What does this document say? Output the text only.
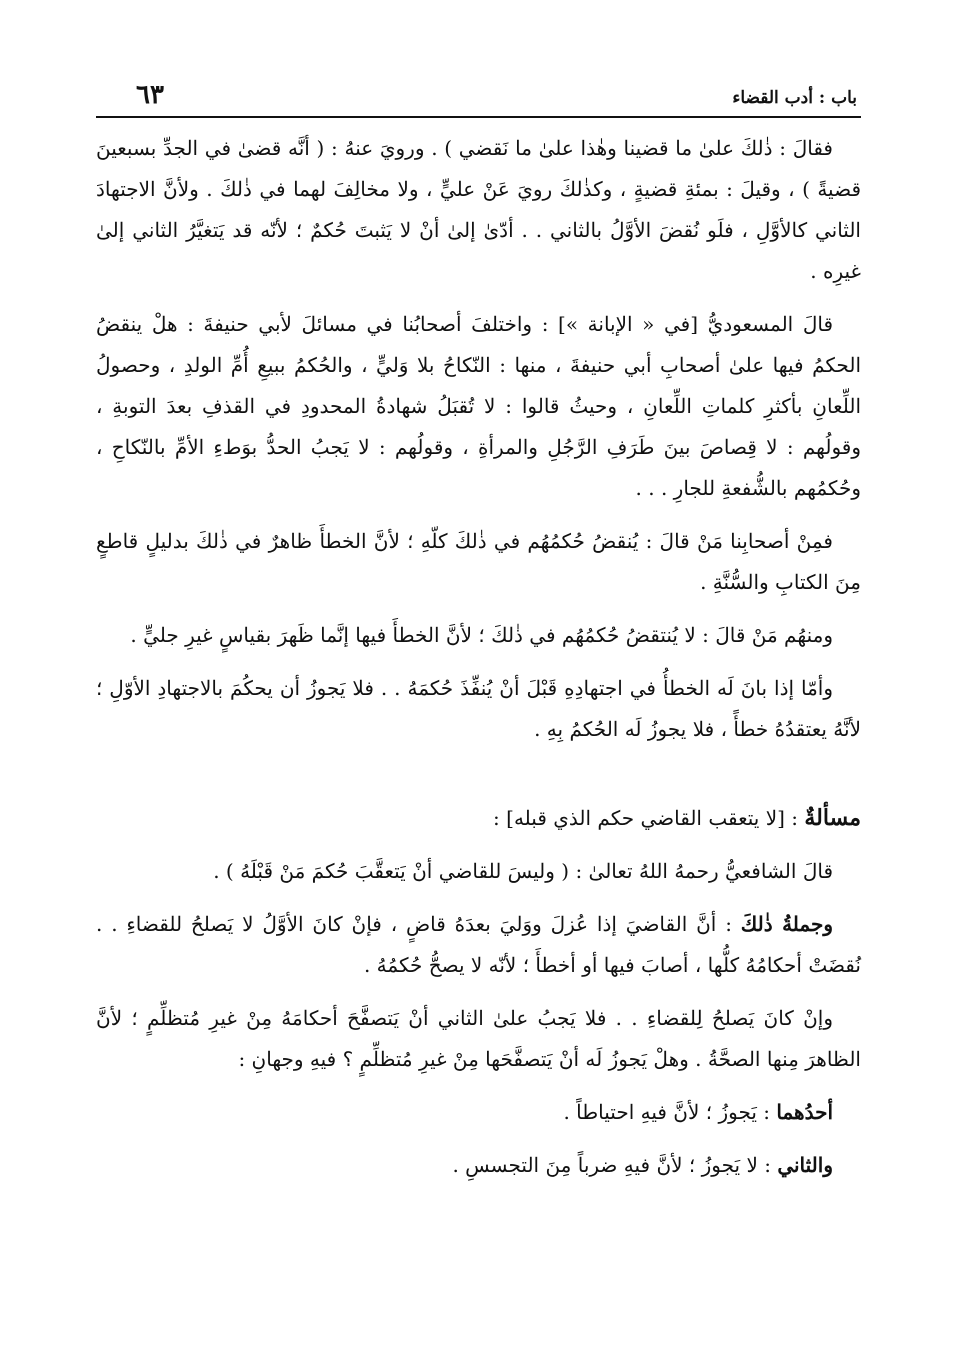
باب : أدب القضاء
٦٣

فقالَ : ذٰلكَ علىٰ ما قضينا وهٰذا علىٰ ما نَقضي ) . ورويَ عنهُ : ( أنَّه قضىٰ في الجدِّ بسبعينَ قضيةً ) ، وقيلَ : بمئةِ قضيةٍ ، وكذٰلكَ رويَ عَنْ عليٍّ ، ولا مخالِفَ لهما في ذٰلكَ . ولأنَّ الاجتهادَ الثاني كالأوَّلِ ، فلَو نُقضَ الأوَّلُ بالثاني . . أدّىٰ إلىٰ أنْ لا يَثبتَ حُكمٌ ؛ لأنّه قد يَتغيَّرُ الثاني إلىٰ غيرِه .

قالَ المسعوديُّ [في « الإبانة »] : واختلفَ أصحابُنا في مسائلَ لأبي حنيفةَ : هلْ ينقضُ الحكمُ فيها علىٰ أصحابِ أبي حنيفةَ ، منها : النّكاحُ بلا وَليٍّ ، والحُكمُ ببيعِ أُمِّ الولدِ ، وحصولُ اللِّعانِ بأكثرِ كلماتِ اللِّعانِ ، وحيثُ قالوا : لا تُقبَلُ شهادةُ المحدودِ في القذفِ بعدَ التوبةِ ، وقولُهم : لا قِصاصَ بينَ طَرَفِ الرَّجُلِ والمرأةِ ، وقولُهم : لا يَجبُ الحدُّ بوَطءِ الأمِّ بالنّكاحِ ، وحُكمُهم بالشُّفعةِ للجارِ . . .

فمِنْ أصحابِنا مَنْ قالَ : يُنقضُ حُكمُهُم في ذٰلكَ كلّهِ ؛ لأنَّ الخطأَ ظاهرٌ في ذٰلكَ بدليلٍ قاطعٍ مِنَ الكتابِ والسُّنَّةِ .

ومنهُم مَنْ قالَ : لا يُنتقضُ حُكمُهُم في ذٰلكَ ؛ لأنَّ الخطأَ فيها إنَّما ظَهرَ بقياسٍ غيرِ جليٍّ .

وأمّا إذا بانَ لَه الخطأُ في اجتهادِهِ قَبْلَ أنْ يُنفِّذَ حُكمَهُ . . فلا يَجوزُ أن يحكُمَ بالاجتهادِ الأوّلِ ؛ لأنَّهُ يعتقدُهُ خطأً ، فلا يجوزُ لَه الحُكمُ بِهِ .

مسألةٌ : [لا يتعقب القاضي حكم الذي قبله] :

قالَ الشافعيُّ رحمهُ اللهُ تعالىٰ : ( وليسَ للقاضي أنْ يَتعقَّبَ حُكمَ مَنْ قَبْلَهُ ) .

وجملةُ ذٰلكَ : أنَّ القاضيَ إذا عُزلَ ووَليَ بعدَهُ قاضٍ ، فإنْ كانَ الأوَّلُ لا يَصلحُ للقضاءِ . . نُقضَتْ أحكامُهُ كلُّها ، أصابَ فيها أو أخطأَ ؛ لأنّه لا يصحُّ حُكمُهُ .

وإنْ كانَ يَصلحُ لِلقضاءِ . . فلا يَجبُ علىٰ الثاني أنْ يَتصفَّحَ أحكامَهُ مِنْ غيرِ مُتظلِّمٍ ؛ لأنَّ الظاهرَ مِنها الصحَّةُ . وهلْ يَجوزُ لَه أنْ يَتصفَّحَها مِنْ غيرِ مُتظلِّمٍ ؟ فيهِ وجهانِ :

أحدُهما : يَجوزُ ؛ لأنَّ فيهِ احتياطاً .

والثاني : لا يَجوزُ ؛ لأنَّ فيهِ ضرباً مِنَ التجسسِ .
